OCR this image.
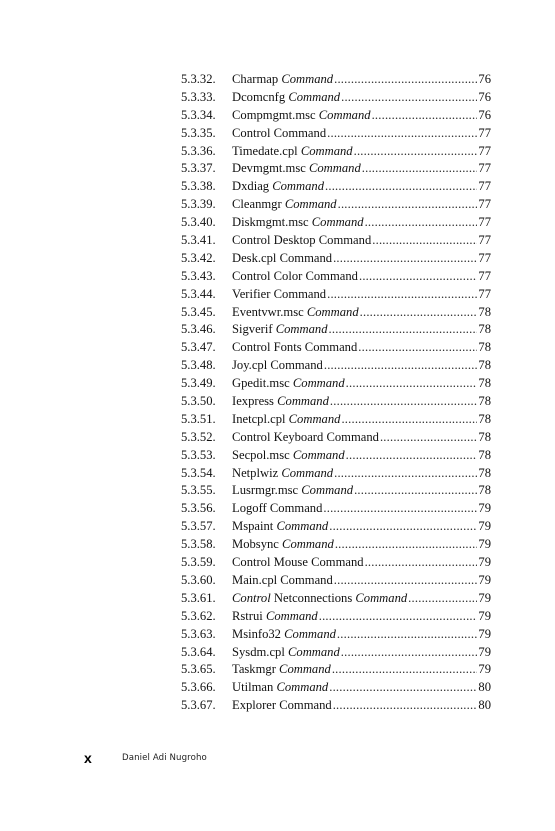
5.3.32.	Charmap Command .....	76
5.3.33.	Dcomcnfg Command .....	76
5.3.34.	Compmgmt.msc Command .....	76
5.3.35.	Control Command .....	77
5.3.36.	Timedate.cpl Command .....	77
5.3.37.	Devmgmt.msc Command .....	77
5.3.38.	Dxdiag Command .....	77
5.3.39.	Cleanmgr Command .....	77
5.3.40.	Diskmgmt.msc Command .....	77
5.3.41.	Control Desktop Command .....	77
5.3.42.	Desk.cpl Command .....	77
5.3.43.	Control Color Command .....	77
5.3.44.	Verifier Command .....	77
5.3.45.	Eventvwr.msc Command .....	78
5.3.46.	Sigverif Command .....	78
5.3.47.	Control Fonts Command .....	78
5.3.48.	Joy.cpl Command .....	78
5.3.49.	Gpedit.msc Command .....	78
5.3.50.	Iexpress Command .....	78
5.3.51.	Inetcpl.cpl Command .....	78
5.3.52.	Control Keyboard Command .....	78
5.3.53.	Secpol.msc Command .....	78
5.3.54.	Netplwiz Command .....	78
5.3.55.	Lusrmgr.msc Command .....	78
5.3.56.	Logoff Command .....	79
5.3.57.	Mspaint Command .....	79
5.3.58.	Mobsync Command .....	79
5.3.59.	Control Mouse Command .....	79
5.3.60.	Main.cpl Command .....	79
5.3.61.	Control Netconnections Command .....	79
5.3.62.	Rstrui Command .....	79
5.3.63.	Msinfo32 Command .....	79
5.3.64.	Sysdm.cpl Command .....	79
5.3.65.	Taskmgr Command .....	79
5.3.66.	Utilman Command .....	80
5.3.67.	Explorer Command .....	80
x	Daniel Adi Nugroho
